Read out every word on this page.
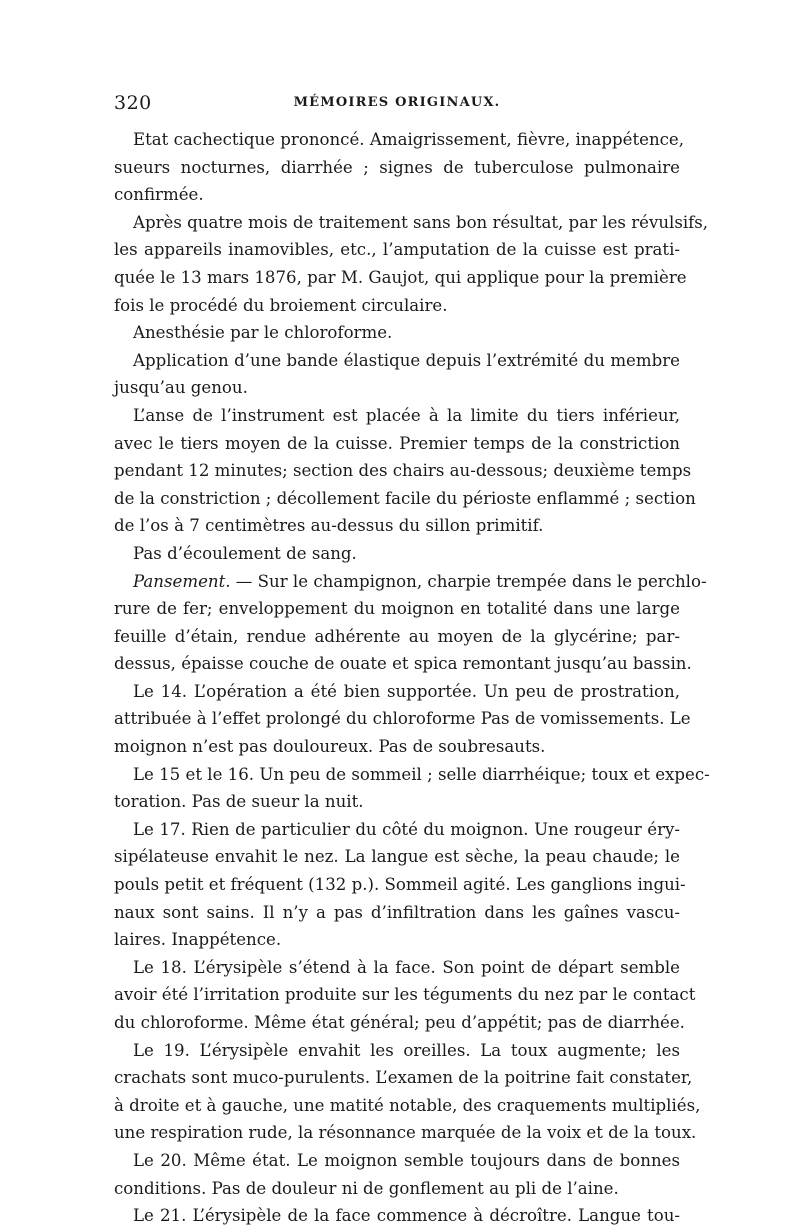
320	MÉMOIRES ORIGINAUX.
Etat cachectique prononcé. Amaigrissement, fièvre, inappétence,
sueurs nocturnes, diarrhée ; signes de tuberculose pulmonaire
confirmée.
Après quatre mois de traitement sans bon résultat, par les révulsifs,
les appareils inamovibles, etc., l’amputation de la cuisse est prati-
quée le 13 mars 1876, par M. Gaujot, qui applique pour la première
fois le procédé du broiement circulaire.
Anesthésie par le chloroforme.
Application d’une bande élastique depuis l’extrémité du membre
jusqu’au genou.
L’anse de l’instrument est placée à la limite du tiers inférieur,
avec le tiers moyen de la cuisse. Premier temps de la constriction
pendant 12 minutes; section des chairs au-dessous; deuxième temps
de la constriction ; décollement facile du périoste enflammé ; section
de l’os à 7 centimètres au-dessus du sillon primitif.
Pas d’écoulement de sang.
Pansement. — Sur le champignon, charpie trempée dans le perchlo-
rure de fer; enveloppement du moignon en totalité dans une large
feuille d’étain, rendue adhérente au moyen de la glycérine; par-
dessus, épaisse couche de ouate et spica remontant jusqu’au bassin.
Le 14. L’opération a été bien supportée. Un peu de prostration,
attribuée à l’effet prolongé du chloroforme Pas de vomissements. Le
moignon n’est pas douloureux. Pas de soubresauts.
Le 15 et le 16. Un peu de sommeil ; selle diarrhéique; toux et expec-
toration. Pas de sueur la nuit.
Le 17. Rien de particulier du côté du moignon. Une rougeur éry-
sipélateuse envahit le nez. La langue est sèche, la peau chaude; le
pouls petit et fréquent (132 p.). Sommeil agité. Les ganglions ingui-
naux sont sains. Il n’y a pas d’infiltration dans les gaînes vascu-
laires. Inappétence.
Le 18. L’érysipèle s’étend à la face. Son point de départ semble
avoir été l’irritation produite sur les téguments du nez par le contact
du chloroforme. Même état général; peu d’appétit; pas de diarrhée.
Le 19. L’érysipèle envahit les oreilles. La toux augmente; les
crachats sont muco-purulents. L’examen de la poitrine fait constater,
à droite et à gauche, une matité notable, des craquements multipliés,
une respiration rude, la résonnance marquée de la voix et de la toux.
Le 20. Même état. Le moignon semble toujours dans de bonnes
conditions. Pas de douleur ni de gonflement au pli de l’aine.
Le 21. L’érysipèle de la face commence à décroître. Langue tou-
